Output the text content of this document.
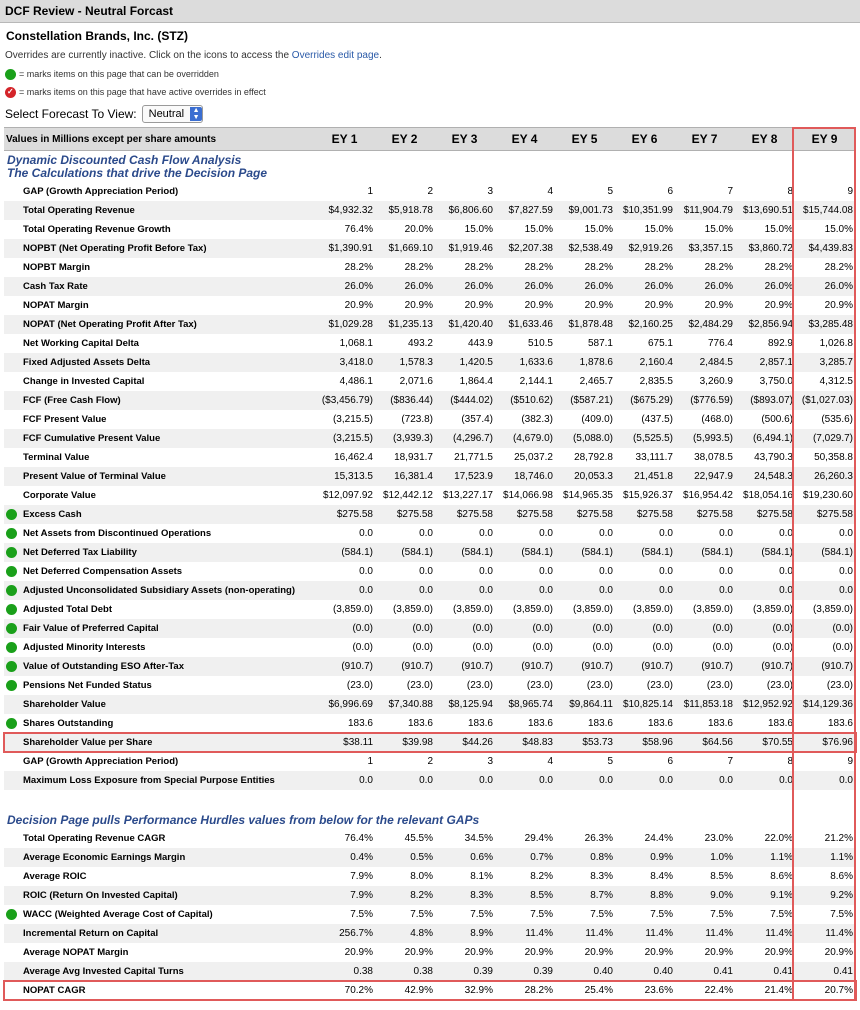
DCF Review - Neutral Forcast
Constellation Brands, Inc. (STZ)
Overrides are currently inactive. Click on the icons to access the Overrides edit page.
= marks items on this page that can be overridden
✓
= marks items on this page that have active overrides in effect
Select Forecast To View: Neutral	▲
▼
Values in Millions except per share amounts	EY 1	EY 2	EY 3	EY 4	EY 5	EY 6	EY 7	EY 8	EY 9
Dynamic Discounted Cash Flow Analysis
The Calculations that drive the Decision Page									
GAP (Growth Appreciation Period)	1	2	3	4	5	6	7	8	9
Total Operating Revenue	$4,932.32	$5,918.78	$6,806.60	$7,827.59	$9,001.73	$10,351.99	$11,904.79	$13,690.51	$15,744.08
Total Operating Revenue Growth	76.4%	20.0%	15.0%	15.0%	15.0%	15.0%	15.0%	15.0%	15.0%
NOPBT (Net Operating Profit Before Tax)	$1,390.91	$1,669.10	$1,919.46	$2,207.38	$2,538.49	$2,919.26	$3,357.15	$3,860.72	$4,439.83
NOPBT Margin	28.2%	28.2%	28.2%	28.2%	28.2%	28.2%	28.2%	28.2%	28.2%
Cash Tax Rate	26.0%	26.0%	26.0%	26.0%	26.0%	26.0%	26.0%	26.0%	26.0%
NOPAT Margin	20.9%	20.9%	20.9%	20.9%	20.9%	20.9%	20.9%	20.9%	20.9%
NOPAT (Net Operating Profit After Tax)	$1,029.28	$1,235.13	$1,420.40	$1,633.46	$1,878.48	$2,160.25	$2,484.29	$2,856.94	$3,285.48
Net Working Capital Delta	1,068.1	493.2	443.9	510.5	587.1	675.1	776.4	892.9	1,026.8
Fixed Adjusted Assets Delta	3,418.0	1,578.3	1,420.5	1,633.6	1,878.6	2,160.4	2,484.5	2,857.1	3,285.7
Change in Invested Capital	4,486.1	2,071.6	1,864.4	2,144.1	2,465.7	2,835.5	3,260.9	3,750.0	4,312.5
FCF (Free Cash Flow)	($3,456.79)	($836.44)	($444.02)	($510.62)	($587.21)	($675.29)	($776.59)	($893.07)	($1,027.03)
FCF Present Value	(3,215.5)	(723.8)	(357.4)	(382.3)	(409.0)	(437.5)	(468.0)	(500.6)	(535.6)
FCF Cumulative Present Value	(3,215.5)	(3,939.3)	(4,296.7)	(4,679.0)	(5,088.0)	(5,525.5)	(5,993.5)	(6,494.1)	(7,029.7)
Terminal Value	16,462.4	18,931.7	21,771.5	25,037.2	28,792.8	33,111.7	38,078.5	43,790.3	50,358.8
Present Value of Terminal Value	15,313.5	16,381.4	17,523.9	18,746.0	20,053.3	21,451.8	22,947.9	24,548.3	26,260.3
Corporate Value	$12,097.92	$12,442.12	$13,227.17	$14,066.98	$14,965.35	$15,926.37	$16,954.42	$18,054.16	$19,230.60

Excess Cash	$275.58	$275.58	$275.58	$275.58	$275.58	$275.58	$275.58	$275.58	$275.58

Net Assets from Discontinued Operations	0.0	0.0	0.0	0.0	0.0	0.0	0.0	0.0	0.0

Net Deferred Tax Liability	(584.1)	(584.1)	(584.1)	(584.1)	(584.1)	(584.1)	(584.1)	(584.1)	(584.1)

Net Deferred Compensation Assets	0.0	0.0	0.0	0.0	0.0	0.0	0.0	0.0	0.0

Adjusted Unconsolidated Subsidiary Assets (non-operating)	0.0	0.0	0.0	0.0	0.0	0.0	0.0	0.0	0.0

Adjusted Total Debt	(3,859.0)	(3,859.0)	(3,859.0)	(3,859.0)	(3,859.0)	(3,859.0)	(3,859.0)	(3,859.0)	(3,859.0)

Fair Value of Preferred Capital	(0.0)	(0.0)	(0.0)	(0.0)	(0.0)	(0.0)	(0.0)	(0.0)	(0.0)

Adjusted Minority Interests	(0.0)	(0.0)	(0.0)	(0.0)	(0.0)	(0.0)	(0.0)	(0.0)	(0.0)

Value of Outstanding ESO After-Tax	(910.7)	(910.7)	(910.7)	(910.7)	(910.7)	(910.7)	(910.7)	(910.7)	(910.7)

Pensions Net Funded Status	(23.0)	(23.0)	(23.0)	(23.0)	(23.0)	(23.0)	(23.0)	(23.0)	(23.0)
Shareholder Value	$6,996.69	$7,340.88	$8,125.94	$8,965.74	$9,864.11	$10,825.14	$11,853.18	$12,952.92	$14,129.36

Shares Outstanding	183.6	183.6	183.6	183.6	183.6	183.6	183.6	183.6	183.6
Shareholder Value per Share	$38.11	$39.98	$44.26	$48.83	$53.73	$58.96	$64.56	$70.55	$76.96
GAP (Growth Appreciation Period)	1	2	3	4	5	6	7	8	9
Maximum Loss Exposure from Special Purpose Entities	0.0	0.0	0.0	0.0	0.0	0.0	0.0	0.0	0.0

Decision Page pulls Performance Hurdles values from below for the relevant GAPs									
Total Operating Revenue CAGR	76.4%	45.5%	34.5%	29.4%	26.3%	24.4%	23.0%	22.0%	21.2%
Average Economic Earnings Margin	0.4%	0.5%	0.6%	0.7%	0.8%	0.9%	1.0%	1.1%	1.1%
Average ROIC	7.9%	8.0%	8.1%	8.2%	8.3%	8.4%	8.5%	8.6%	8.6%
ROIC (Return On Invested Capital)	7.9%	8.2%	8.3%	8.5%	8.7%	8.8%	9.0%	9.1%	9.2%

WACC (Weighted Average Cost of Capital)	7.5%	7.5%	7.5%	7.5%	7.5%	7.5%	7.5%	7.5%	7.5%
Incremental Return on Capital	256.7%	4.8%	8.9%	11.4%	11.4%	11.4%	11.4%	11.4%	11.4%
Average NOPAT Margin	20.9%	20.9%	20.9%	20.9%	20.9%	20.9%	20.9%	20.9%	20.9%
Average Avg Invested Capital Turns	0.38	0.38	0.39	0.39	0.40	0.40	0.41	0.41	0.41
NOPAT CAGR	70.2%	42.9%	32.9%	28.2%	25.4%	23.6%	22.4%	21.4%	20.7%
